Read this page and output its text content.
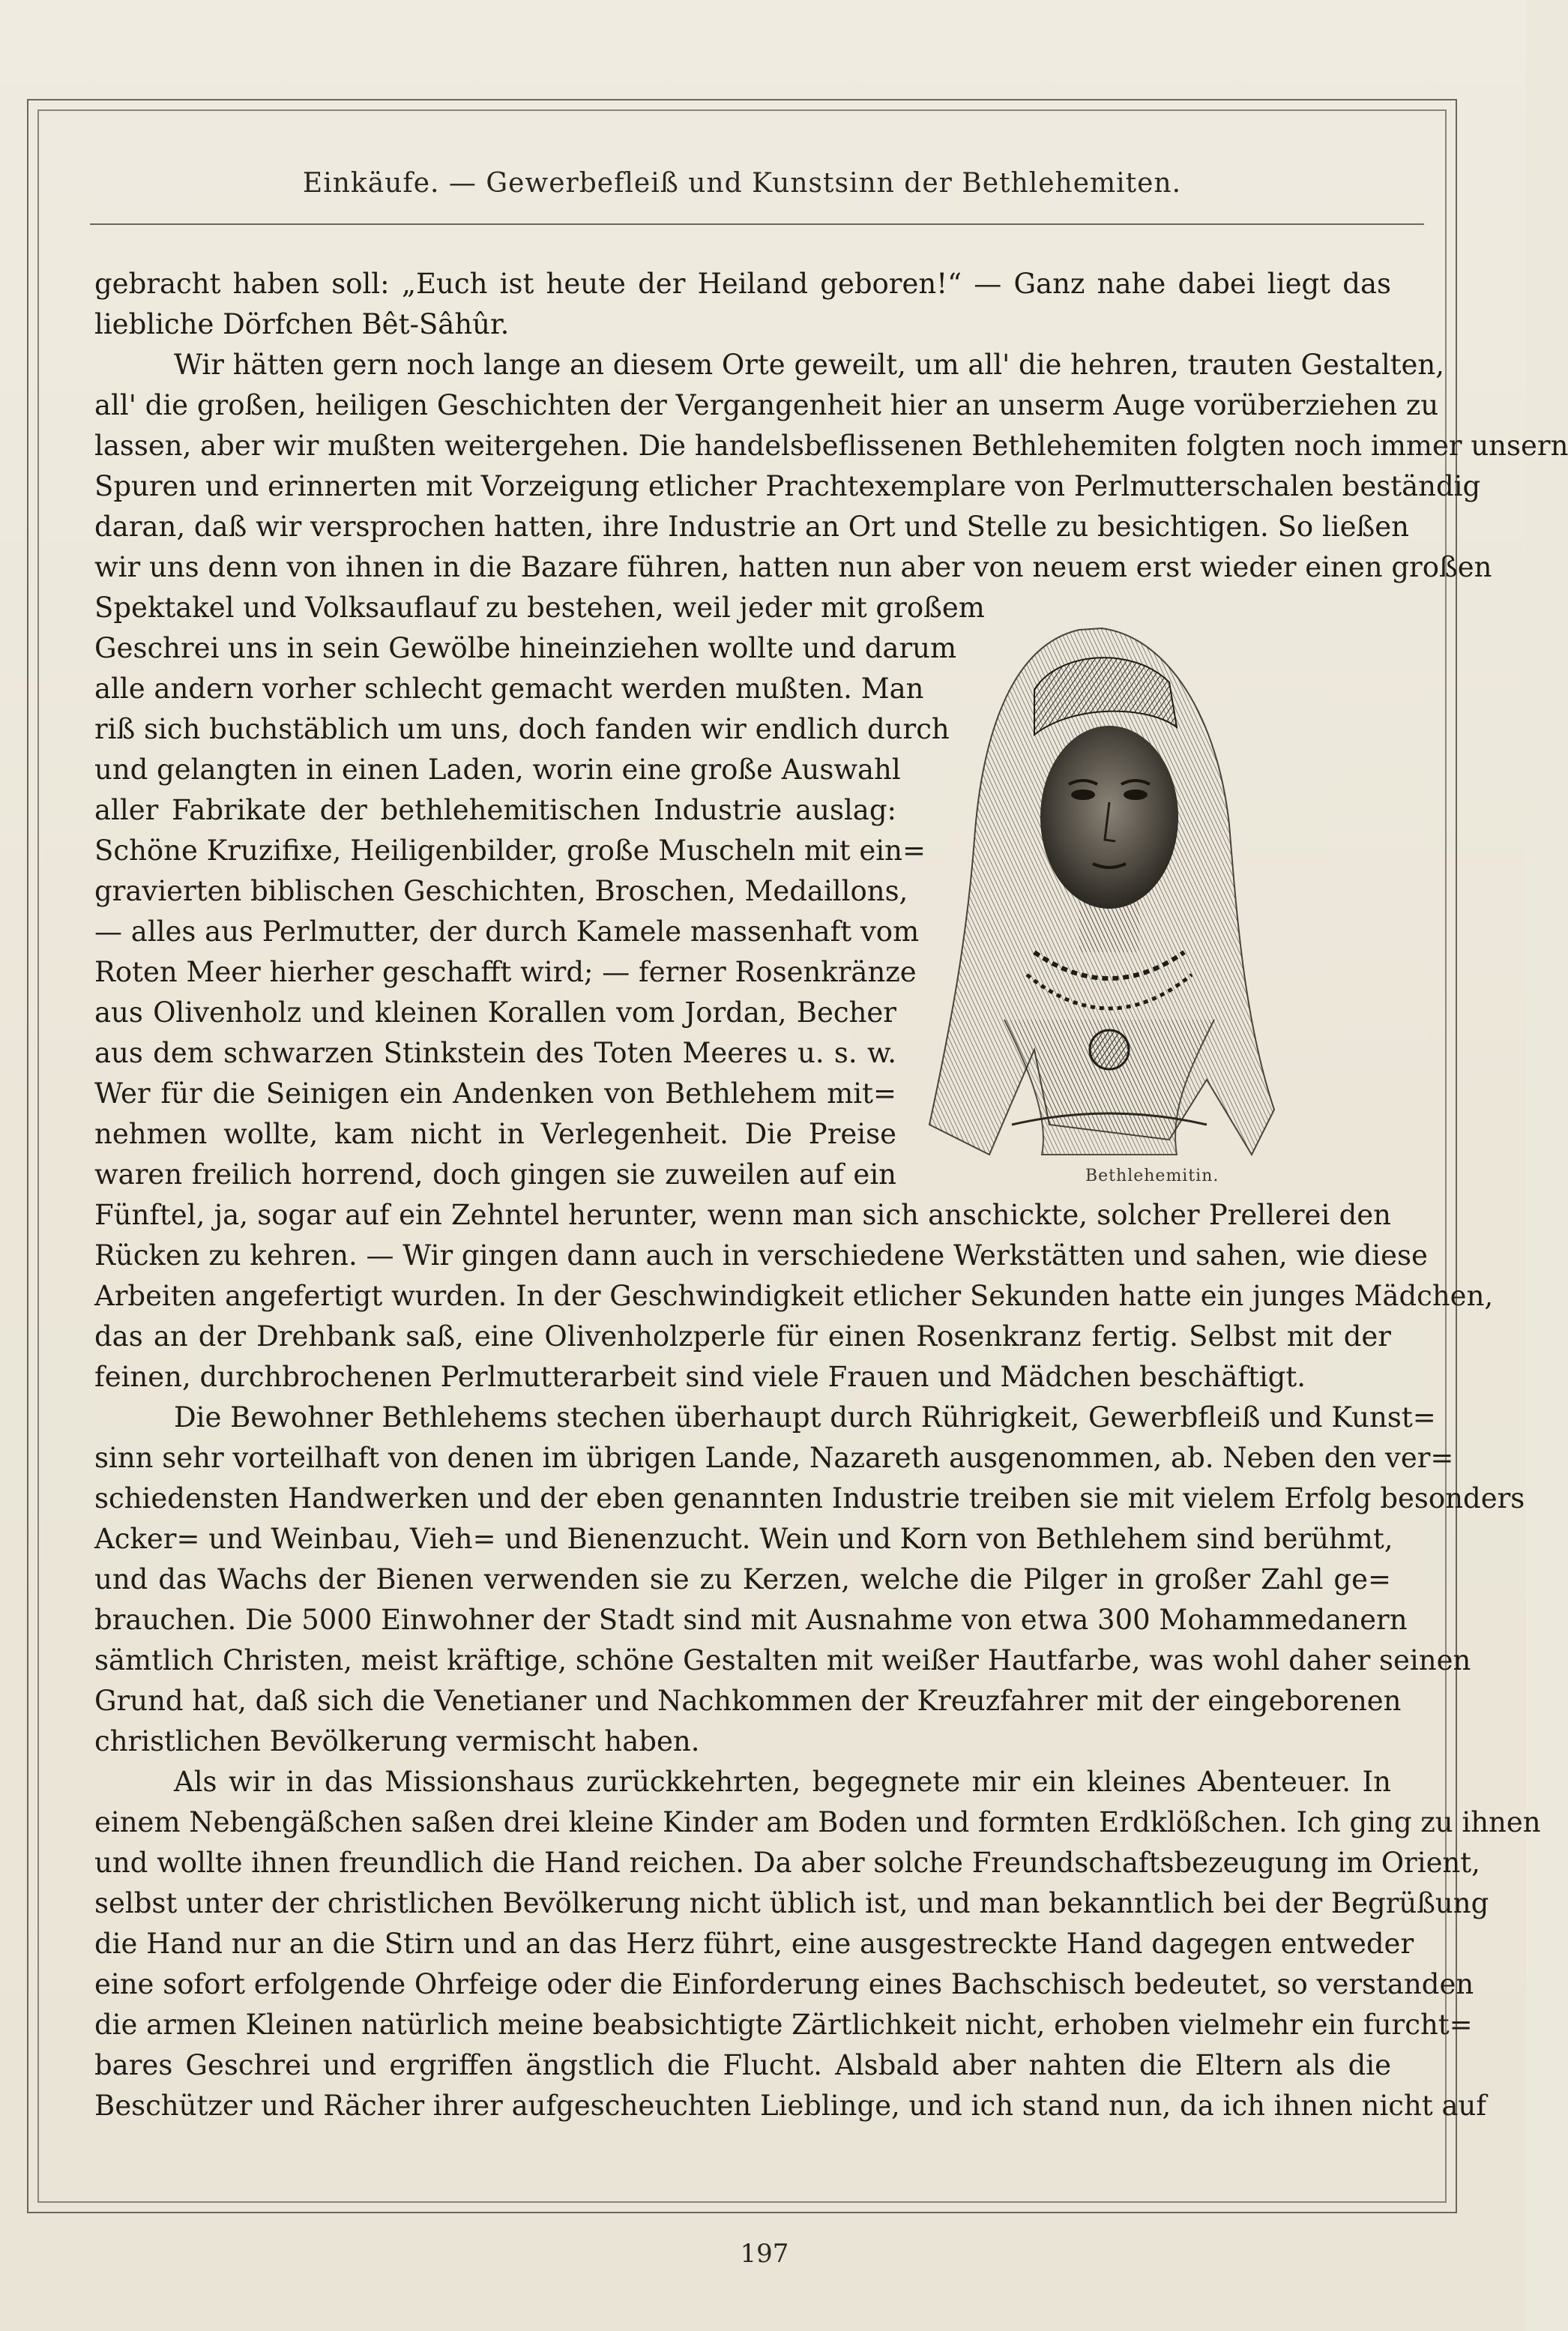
Einkäufe. — Gewerbefleiß und Kunstsinn der Bethlehemiten.
gebracht haben soll: „Euch ist heute der Heiland geboren!“ — Ganz nahe dabei liegt das
liebliche Dörfchen Bêt-Sâhûr.
Wir hätten gern noch lange an diesem Orte geweilt, um all' die hehren, trauten Gestalten,
all' die großen, heiligen Geschichten der Vergangenheit hier an unserm Auge vorüberziehen zu
lassen, aber wir mußten weitergehen. Die handelsbeflissenen Bethlehemiten folgten noch immer unsern
Spuren und erinnerten mit Vorzeigung etlicher Prachtexemplare von Perlmutterschalen beständig
daran, daß wir versprochen hatten, ihre Industrie an Ort und Stelle zu besichtigen. So ließen
wir uns denn von ihnen in die Bazare führen, hatten nun aber von neuem erst wieder einen großen
Spektakel und Volksauflauf zu bestehen, weil jeder mit großem
Geschrei uns in sein Gewölbe hineinziehen wollte und darum
alle andern vorher schlecht gemacht werden mußten. Man
riß sich buchstäblich um uns, doch fanden wir endlich durch
und gelangten in einen Laden, worin eine große Auswahl
aller Fabrikate der bethlehemitischen Industrie auslag:
Schöne Kruzifixe, Heiligenbilder, große Muscheln mit ein=
gravierten biblischen Geschichten, Broschen, Medaillons,
— alles aus Perlmutter, der durch Kamele massenhaft vom
Roten Meer hierher geschafft wird; — ferner Rosenkränze
aus Olivenholz und kleinen Korallen vom Jordan, Becher
aus dem schwarzen Stinkstein des Toten Meeres u. s. w.
Wer für die Seinigen ein Andenken von Bethlehem mit=
nehmen wollte, kam nicht in Verlegenheit. Die Preise
waren freilich horrend, doch gingen sie zuweilen auf ein
Fünftel, ja, sogar auf ein Zehntel herunter, wenn man sich anschickte, solcher Prellerei den
Rücken zu kehren. — Wir gingen dann auch in verschiedene Werkstätten und sahen, wie diese
Arbeiten angefertigt wurden. In der Geschwindigkeit etlicher Sekunden hatte ein junges Mädchen,
das an der Drehbank saß, eine Olivenholzperle für einen Rosenkranz fertig. Selbst mit der
feinen, durchbrochenen Perlmutterarbeit sind viele Frauen und Mädchen beschäftigt.
Die Bewohner Bethlehems stechen überhaupt durch Rührigkeit, Gewerbfleiß und Kunst=
sinn sehr vorteilhaft von denen im übrigen Lande, Nazareth ausgenommen, ab. Neben den ver=
schiedensten Handwerken und der eben genannten Industrie treiben sie mit vielem Erfolg besonders
Acker= und Weinbau, Vieh= und Bienenzucht. Wein und Korn von Bethlehem sind berühmt,
und das Wachs der Bienen verwenden sie zu Kerzen, welche die Pilger in großer Zahl ge=
brauchen. Die 5000 Einwohner der Stadt sind mit Ausnahme von etwa 300 Mohammedanern
sämtlich Christen, meist kräftige, schöne Gestalten mit weißer Hautfarbe, was wohl daher seinen
Grund hat, daß sich die Venetianer und Nachkommen der Kreuzfahrer mit der eingeborenen
christlichen Bevölkerung vermischt haben.
Als wir in das Missionshaus zurückkehrten, begegnete mir ein kleines Abenteuer. In
einem Nebengäßchen saßen drei kleine Kinder am Boden und formten Erdklößchen. Ich ging zu ihnen
und wollte ihnen freundlich die Hand reichen. Da aber solche Freundschaftsbezeugung im Orient,
selbst unter der christlichen Bevölkerung nicht üblich ist, und man bekanntlich bei der Begrüßung
die Hand nur an die Stirn und an das Herz führt, eine ausgestreckte Hand dagegen entweder
eine sofort erfolgende Ohrfeige oder die Einforderung eines Bachschisch bedeutet, so verstanden
die armen Kleinen natürlich meine beabsichtigte Zärtlichkeit nicht, erhoben vielmehr ein furcht=
bares Geschrei und ergriffen ängstlich die Flucht. Alsbald aber nahten die Eltern als die
Beschützer und Rächer ihrer aufgescheuchten Lieblinge, und ich stand nun, da ich ihnen nicht auf
Bethlehemitin.
197
